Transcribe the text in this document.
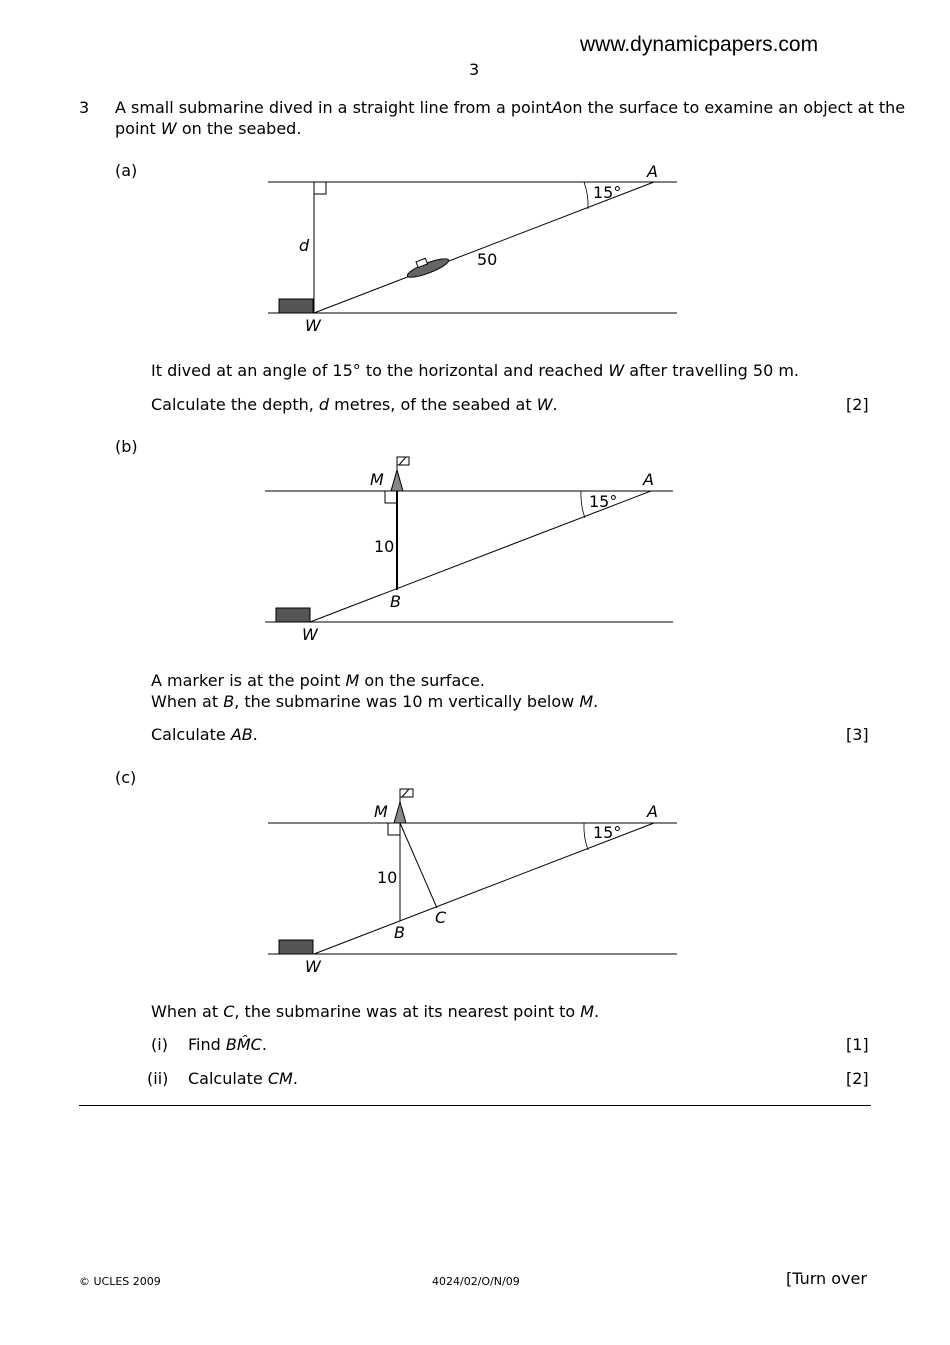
www.dynamicpapers.com
3
3 A small submarine dived in a straight line from a point A on the surface to examine an object at the
point W on the seabed.
(a)	A
W
d
15°
50
It dived at an angle of 15° to the horizontal and reached W after travelling 50 m.
Calculate the depth, d metres, of the seabed at W.	[2]
(b)
M	A
B
W
15°
10
A marker is at the point M on the surface.
When at B, the submarine was 10 m vertically below M.
Calculate AB.	[3]
(c)
M	A
B
C
W
15°
10
When at C, the submarine was at its nearest point to M.
(i) Find BM̂C.	[1]
(ii) Calculate CM.	[2]
© UCLES 2009	4024/02/O/N/09	[Turn over
